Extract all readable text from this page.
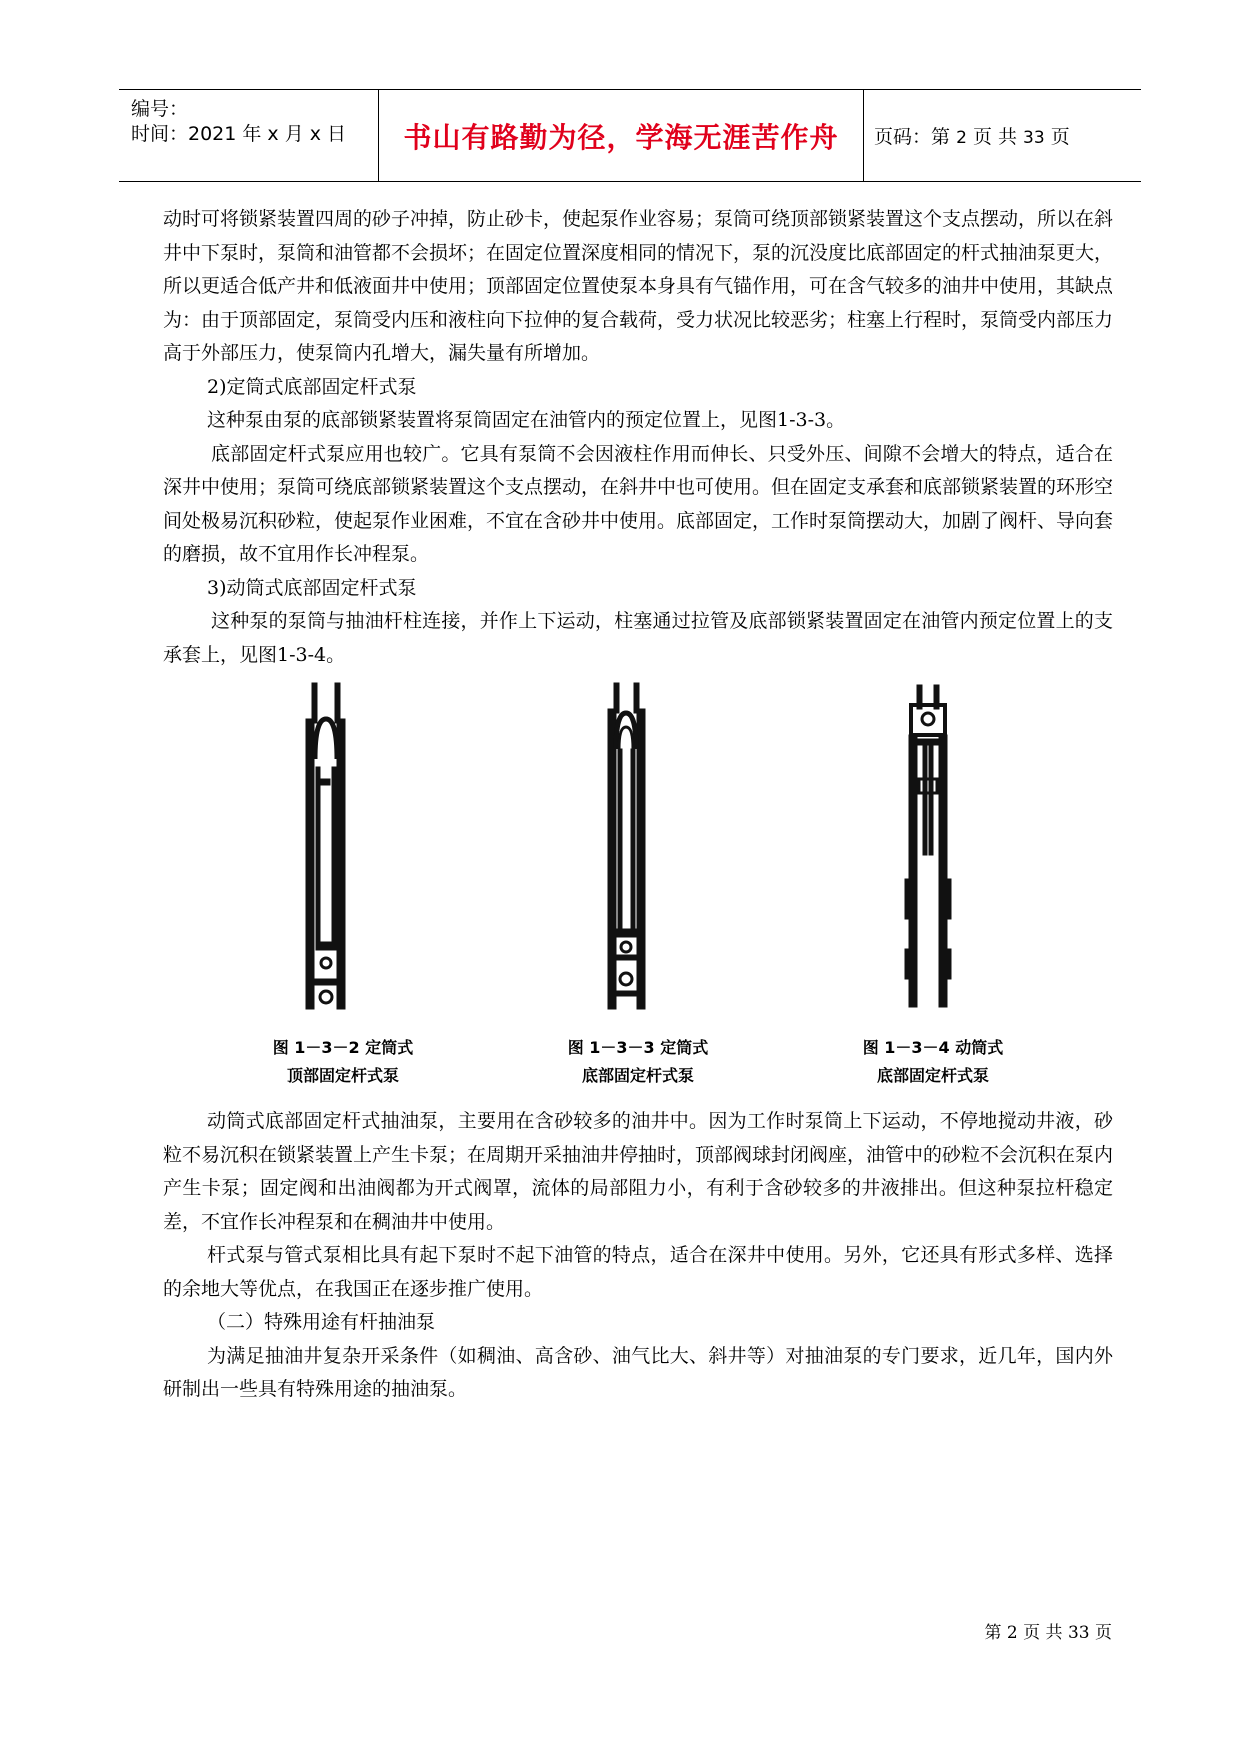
编号：
时间：2021 年 x 月 x 日 书山有路勤为径，学海无涯苦作舟	页码：第 2 页 共 33 页

动时可将锁紧装置四周的砂子冲掉，防止砂卡，使起泵作业容易；泵筒可绕顶部锁紧装置这个支点摆动，所以在斜井中下泵时，泵筒和油管都不会损坏；在固定位置深度相同的情况下，泵的沉没度比底部固定的杆式抽油泵更大，所以更适合低产井和低液面井中使用；顶部固定位置使泵本身具有气锚作用，可在含气较多的油井中使用，其缺点为：由于顶部固定，泵筒受内压和液柱向下拉伸的复合载荷，受力状况比较恶劣；柱塞上行程时，泵筒受内部压力高于外部压力，使泵筒内孔增大，漏失量有所增加。

2)定筒式底部固定杆式泵

这种泵由泵的底部锁紧装置将泵筒固定在油管内的预定位置上，见图1-3-3。

底部固定杆式泵应用也较广。它具有泵筒不会因液柱作用而伸长、只受外压、间隙不会增大的特点，适合在深井中使用；泵筒可绕底部锁紧装置这个支点摆动，在斜井中也可使用。但在固定支承套和底部锁紧装置的环形空间处极易沉积砂粒，使起泵作业困难，不宜在含砂井中使用。底部固定，工作时泵筒摆动大，加剧了阀杆、导向套的磨损，故不宜用作长冲程泵。

3)动筒式底部固定杆式泵

这种泵的泵筒与抽油杆柱连接，并作上下运动，柱塞通过拉管及底部锁紧装置固定在油管内预定位置上的支承套上，见图1-3-4。

图 1－3－2 定筒式
顶部固定杆式泵
图 1－3－3 定筒式
底部固定杆式泵
图 1－3－4 动筒式
底部固定杆式泵

动筒式底部固定杆式抽油泵，主要用在含砂较多的油井中。因为工作时泵筒上下运动，不停地搅动井液，砂粒不易沉积在锁紧装置上产生卡泵；在周期开采抽油井停抽时，顶部阀球封闭阀座，油管中的砂粒不会沉积在泵内产生卡泵；固定阀和出油阀都为开式阀罩，流体的局部阻力小，有利于含砂较多的井液排出。但这种泵拉杆稳定差，不宜作长冲程泵和在稠油井中使用。

杆式泵与管式泵相比具有起下泵时不起下油管的特点，适合在深井中使用。另外，它还具有形式多样、选择的余地大等优点，在我国正在逐步推广使用。

（二）特殊用途有杆抽油泵

为满足抽油井复杂开采条件（如稠油、高含砂、油气比大、斜井等）对抽油泵的专门要求，近几年，国内外研制出一些具有特殊用途的抽油泵。

第 2 页 共 33 页
